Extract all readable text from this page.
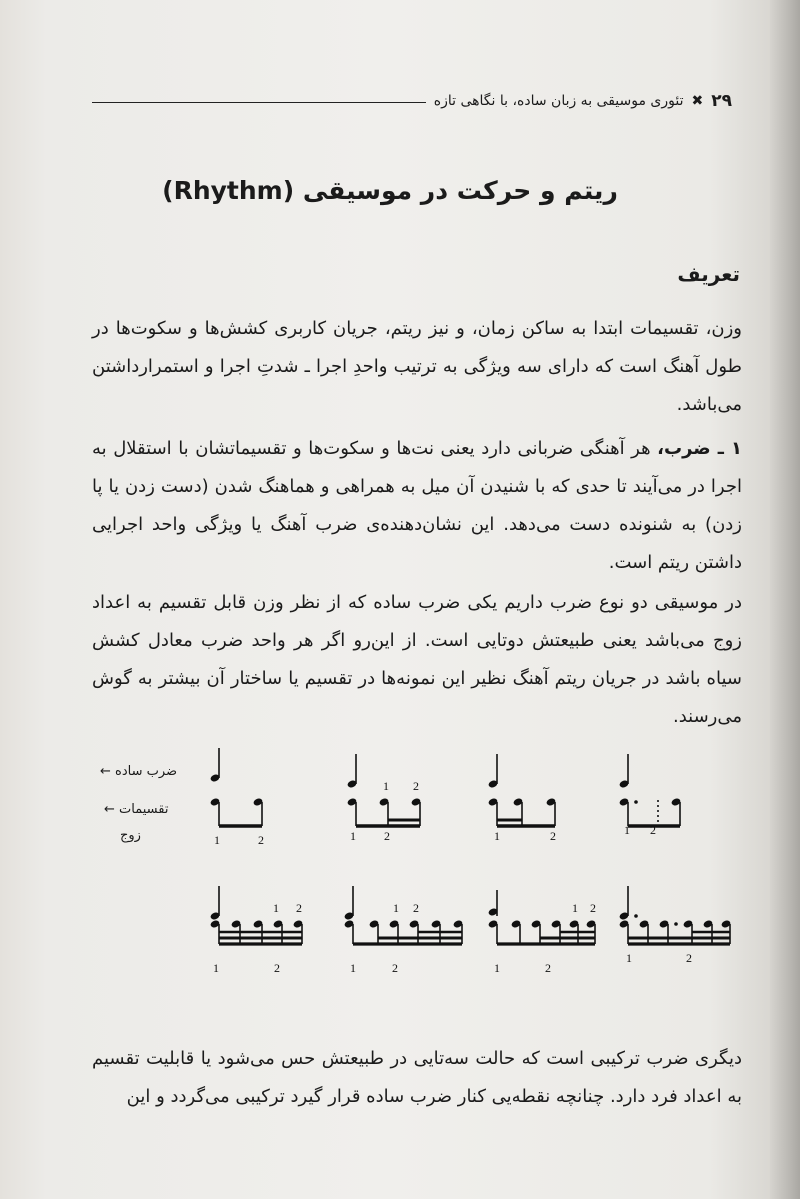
۲۹
✖
تئوری موسیقی به زبان ساده، با نگاهی تازه
ریتم و حرکت در موسیقی (Rhythm)
تعریف
وزن، تقسیمات ابتدا به ساکن زمان، و نیز ریتم، جریان کاربری کشش‌ها و سکوت‌ها در طول آهنگ است که دارای سه ویژگی به ترتیب واحدِ اجرا ـ شدتِ اجرا و استمرارداشتن می‌باشد.
۱ ـ ضرب، هر آهنگی ضربانی دارد یعنی نت‌ها و سکوت‌ها و تقسیماتشان با استقلال به اجرا در می‌آیند تا حدی که با شنیدن آن میل به همراهی و هماهنگ شدن (دست زدن یا پا زدن) به شنونده دست می‌دهد. این نشان‌دهنده‌ی ضرب آهنگ یا ویژگی واحد اجرایی داشتن ریتم است.
در موسیقی دو نوع ضرب داریم یکی ضرب ساده که از نظر وزن قابل تقسیم به اعداد زوج می‌باشد یعنی طبیعتش دوتایی است. از این‌رو اگر هر واحد ضرب معادل کشش سیاه باشد در جریان ریتم آهنگ نظیر این نمونه‌ها در تقسیم یا ساختار آن بیشتر به گوش می‌رسند.
ضرب ساده ←
تقسیمات ←
زوج	1	2
1 2
1 2	1	2	1 2
1 2
1	2
1 2
1	2
1 2
1	2
1	2
دیگری ضرب ترکیبی است که حالت سه‌تایی در طبیعتش حس می‌شود یا قابلیت تقسیم به اعداد فرد دارد. چنانچه نقطه‌یی کنار ضرب ساده قرار گیرد ترکیبی می‌گردد و این
